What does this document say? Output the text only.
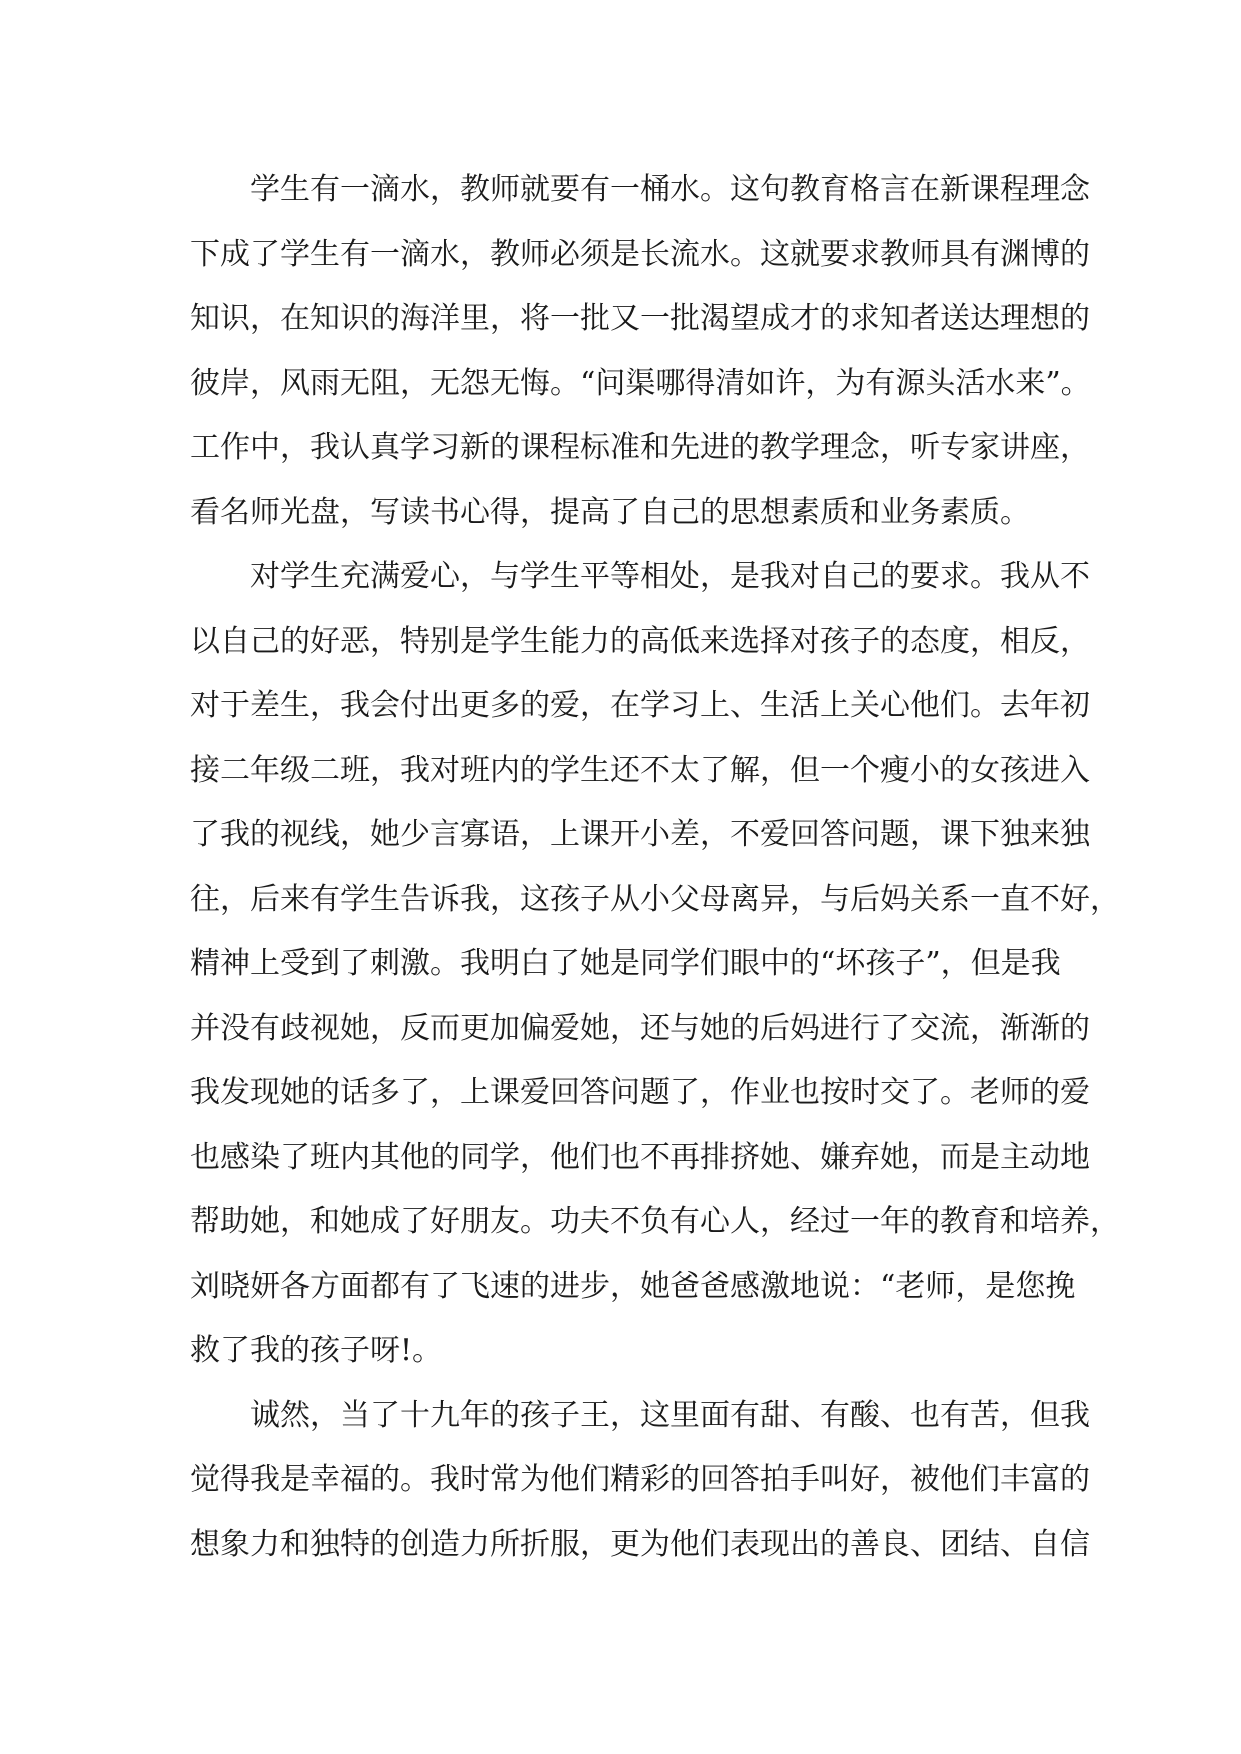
学生有一滴水，教师就要有一桶水。这句教育格言在新课程理念
下成了学生有一滴水，教师必须是长流水。这就要求教师具有渊博的
知识，在知识的海洋里，将一批又一批渴望成才的求知者送达理想的
彼岸，风雨无阻，无怨无悔。“问渠哪得清如许，为有源头活水来”。
工作中，我认真学习新的课程标准和先进的教学理念，听专家讲座，
看名师光盘，写读书心得，提高了自己的思想素质和业务素质。
对学生充满爱心，与学生平等相处，是我对自己的要求。我从不
以自己的好恶，特别是学生能力的高低来选择对孩子的态度，相反，
对于差生，我会付出更多的爱，在学习上、生活上关心他们。去年初
接二年级二班，我对班内的学生还不太了解，但一个瘦小的女孩进入
了我的视线，她少言寡语，上课开小差，不爱回答问题，课下独来独
往，后来有学生告诉我，这孩子从小父母离异，与后妈关系一直不好，
精神上受到了刺激。我明白了她是同学们眼中的“坏孩子”，但是我
并没有歧视她，反而更加偏爱她，还与她的后妈进行了交流，渐渐的
我发现她的话多了，上课爱回答问题了，作业也按时交了。老师的爱
也感染了班内其他的同学，他们也不再排挤她、嫌弃她，而是主动地
帮助她，和她成了好朋友。功夫不负有心人，经过一年的教育和培养，
刘晓妍各方面都有了飞速的进步，她爸爸感激地说：“老师，是您挽
救了我的孩子呀!。
诚然，当了十九年的孩子王，这里面有甜、有酸、也有苦，但我
觉得我是幸福的。我时常为他们精彩的回答拍手叫好，被他们丰富的
想象力和独特的创造力所折服，更为他们表现出的善良、团结、自信
